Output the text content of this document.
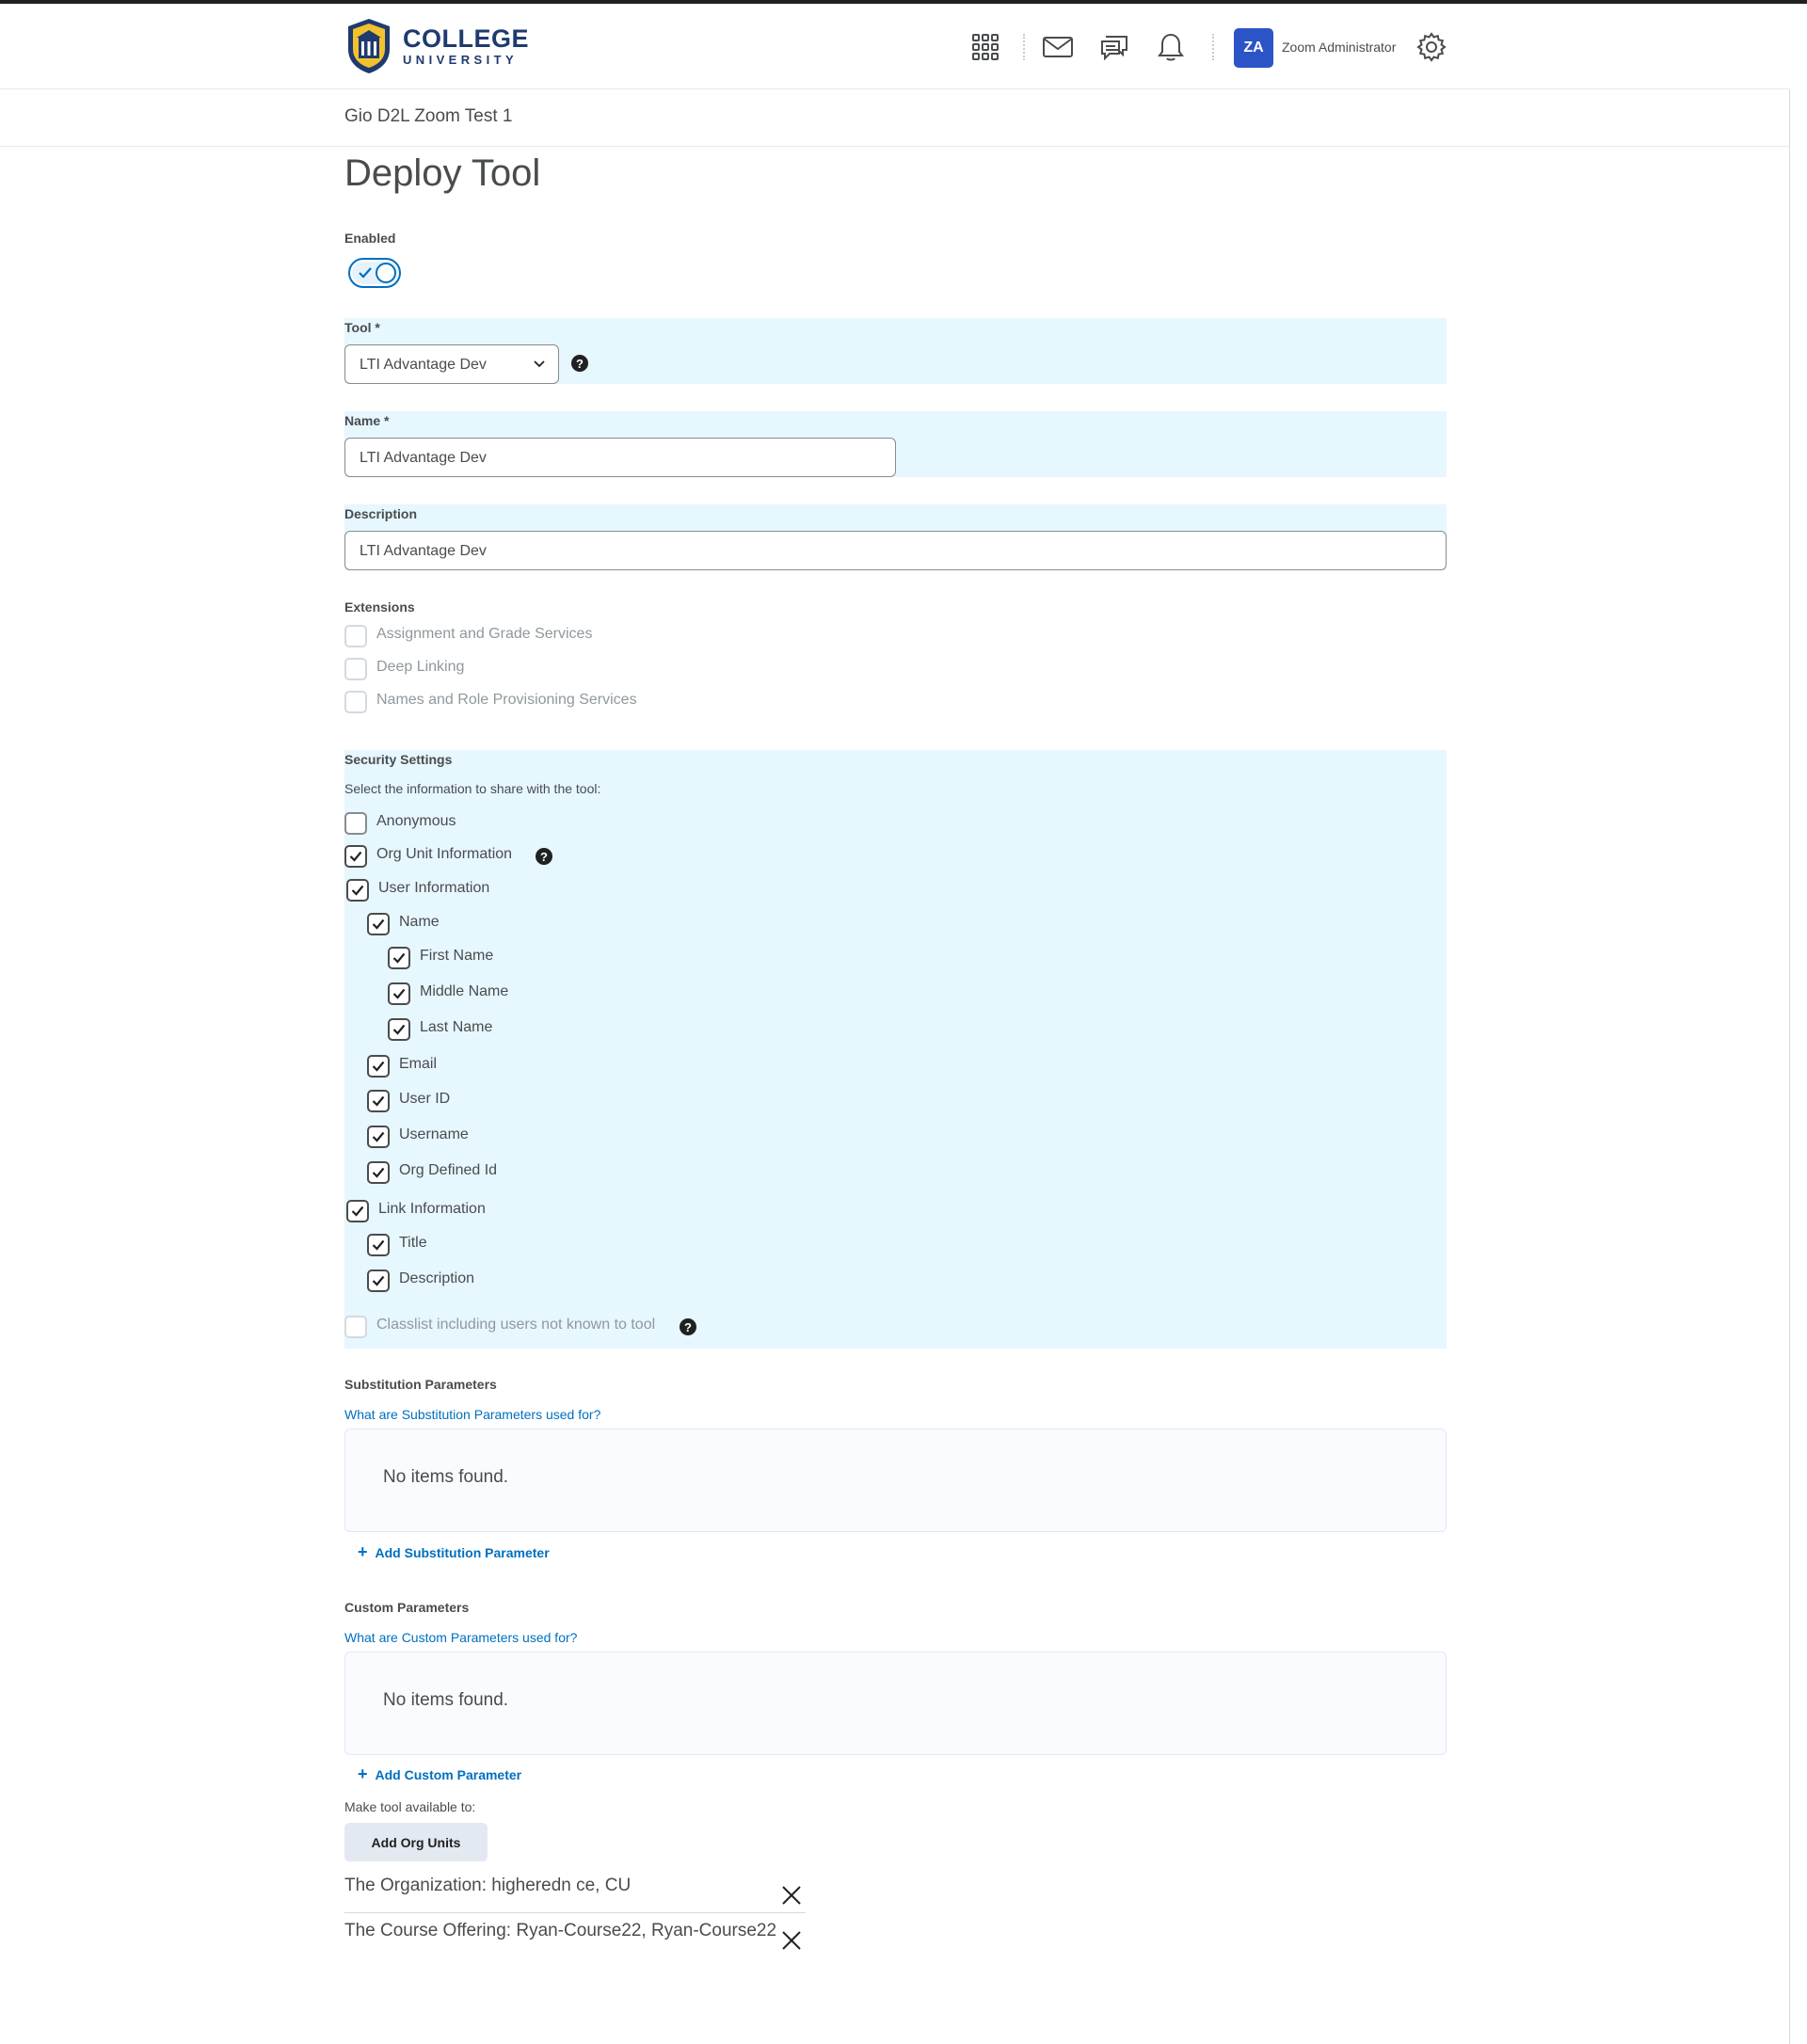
COLLEGE
UNIVERSITY
ZA	Zoom Administrator
Gio D2L Zoom Test 1
Deploy Tool
Enabled
Tool *
LTI Advantage Dev	?
Name *
LTI Advantage Dev
Description
LTI Advantage Dev
Extensions
Assignment and Grade Services
Deep Linking
Names and Role Provisioning Services
Security Settings
Select the information to share with the tool:
Anonymous
Org Unit Information	?
User Information
Name
First Name
Middle Name
Last Name
Email
User ID
Username
Org Defined Id
Link Information
Title
Description
Classlist including users not known to tool	?
Substitution Parameters
What are Substitution Parameters used for?
No items found.
+ Add Substitution Parameter
Custom Parameters
What are Custom Parameters used for?
No items found.
+ Add Custom Parameter
Make tool available to:
Add Org Units
The Organization: higheredn ce, CU
The Course Offering: Ryan-Course22, Ryan-Course22
